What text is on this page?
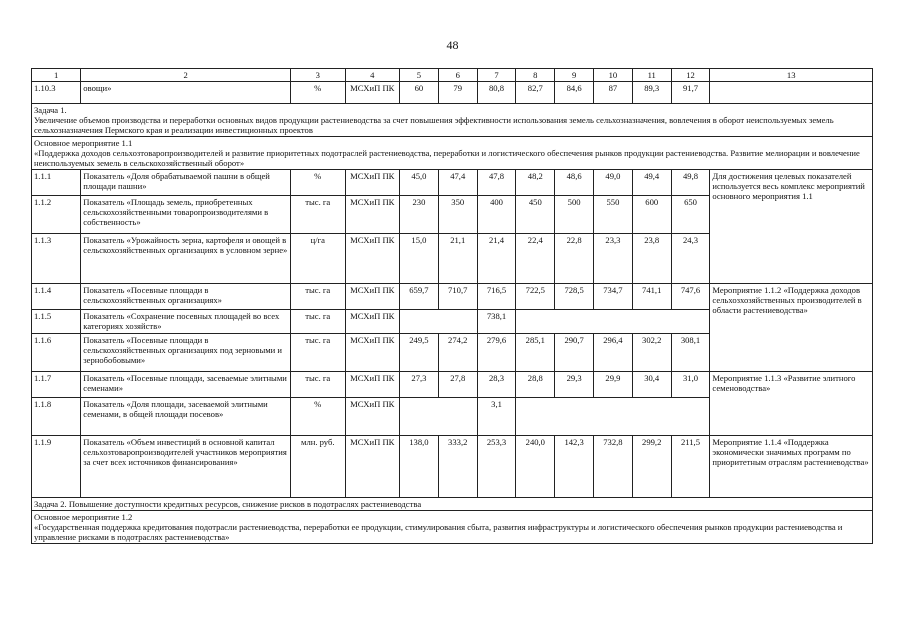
48
1	2	3	4	5	6	7	8	9	10	11	12	13
1.10.3	овощи»	%	МСХиП ПК	60	79	80,8	82,7	84,6	87	89,3	91,7	

Задача 1.
Увеличение объемов производства и переработки основных видов продукции растениеводства за счет повышения эффективности использования земель сельхозназначения, вовлечения в оборот неиспользуемых земель сельхозназначения Пермского края и реализации инвестиционных проектов												

Основное мероприятие 1.1
«Поддержка доходов сельхозтоваропроизводителей и развитие приоритетных подотраслей растениеводства, переработки и логистического обеспечения рынков продукции растениеводства. Развитие мелиорации и вовлечение неиспользуемых земель в сельскохозяйственный оборот»												

1.1.1	Показатель «Доля обрабатываемой пашни в общей площади пашни»	%	МСХиП ПК	45,0	47,4	47,8	48,2	48,6	49,0	49,4	49,8	Для достижения целевых показателей используется весь комплекс мероприятий основного мероприятия 1.1
1.1.2	Показатель «Площадь земель, приобретенных сельскохозяйственными товаропроизводителями в собственность»	тыс. га	МСХиП ПК	230	350	400	450	500	550	600	650	
1.1.3	Показатель «Урожайность зерна, картофеля и овощей в сельскохозяйственных организациях в условном зерне»	ц/га	МСХиП ПК	15,0	21,1	21,4	22,4	22,8	23,3	23,8	24,3	
1.1.4	Показатель «Посевные площади в сельскохозяйственных организациях»	тыс. га	МСХиП ПК	659,7	710,7	716,5	722,5	728,5	734,7	741,1	747,6	Мероприятие 1.1.2 «Поддержка доходов сельхозхозяйственных производителей в области растениеводства»
1.1.5	Показатель «Сохранение посевных площадей во всех категориях хозяйств»	тыс. га	МСХиП ПК			738,1						
1.1.6	Показатель «Посевные площади в сельскохозяйственных организациях под зерновыми и зернобобовыми»	тыс. га	МСХиП ПК	249,5	274,2	279,6	285,1	290,7	296,4	302,2	308,1	
1.1.7	Показатель «Посевные площади, засеваемые элитными семенами»	тыс. га	МСХиП ПК	27,3	27,8	28,3	28,8	29,3	29,9	30,4	31,0	Мероприятие 1.1.3 «Развитие элитного семеноводства»
1.1.8	Показатель «Доля площади, засеваемой элитными семенами, в общей площади посевов»	%	МСХиП ПК			3,1						
1.1.9	Показатель «Объем инвестиций в основной капитал сельхозтоваропроизводителей участников мероприятия за счет всех источников финансирования»	млн. руб.	МСХиП ПК	138,0	333,2	253,3	240,0	142,3	732,8	299,2	211,5	Мероприятие 1.1.4 «Поддержка экономически значимых программ по приоритетным отраслям растениеводства»
Задача 2. Повышение доступности кредитных ресурсов, снижение рисков в подотраслях растениеводства												

Основное мероприятие 1.2
«Государственная поддержка кредитования подотрасли растениеводства, переработки ее продукции, стимулирования сбыта, развития инфраструктуры и логистического обеспечения рынков продукции растениеводства и управление рисками в подотраслях растениеводства»												
